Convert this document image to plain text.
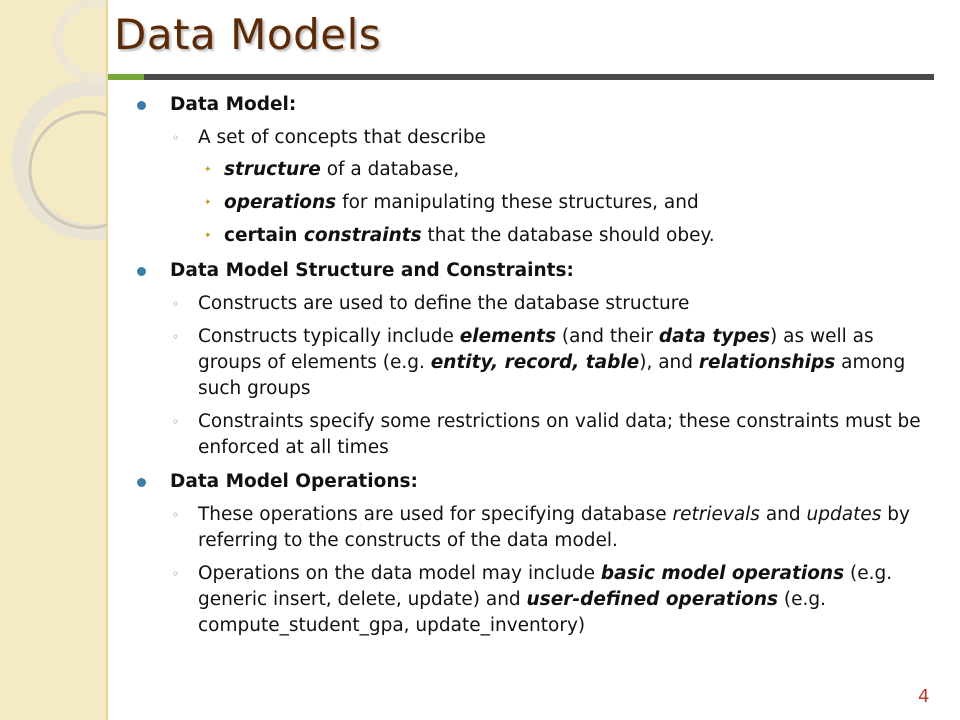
Data Models
Data Model:
◦ A set of concepts that describe
✦ structure of a database,
✦ operations for manipulating these structures, and
✦ certain constraints that the database should obey.
Data Model Structure and Constraints:
◦ Constructs are used to define the database structure
◦ Constructs typically include elements (and their data types) as well as groups of elements (e.g. entity, record, table), and relationships among such groups
◦ Constraints specify some restrictions on valid data; these constraints must be enforced at all times
Data Model Operations:
◦ These operations are used for specifying database retrievals and updates by referring to the constructs of the data model.
◦ Operations on the data model may include basic model operations (e.g. generic insert, delete, update) and user-defined operations (e.g. compute_student_gpa, update_inventory)
4
